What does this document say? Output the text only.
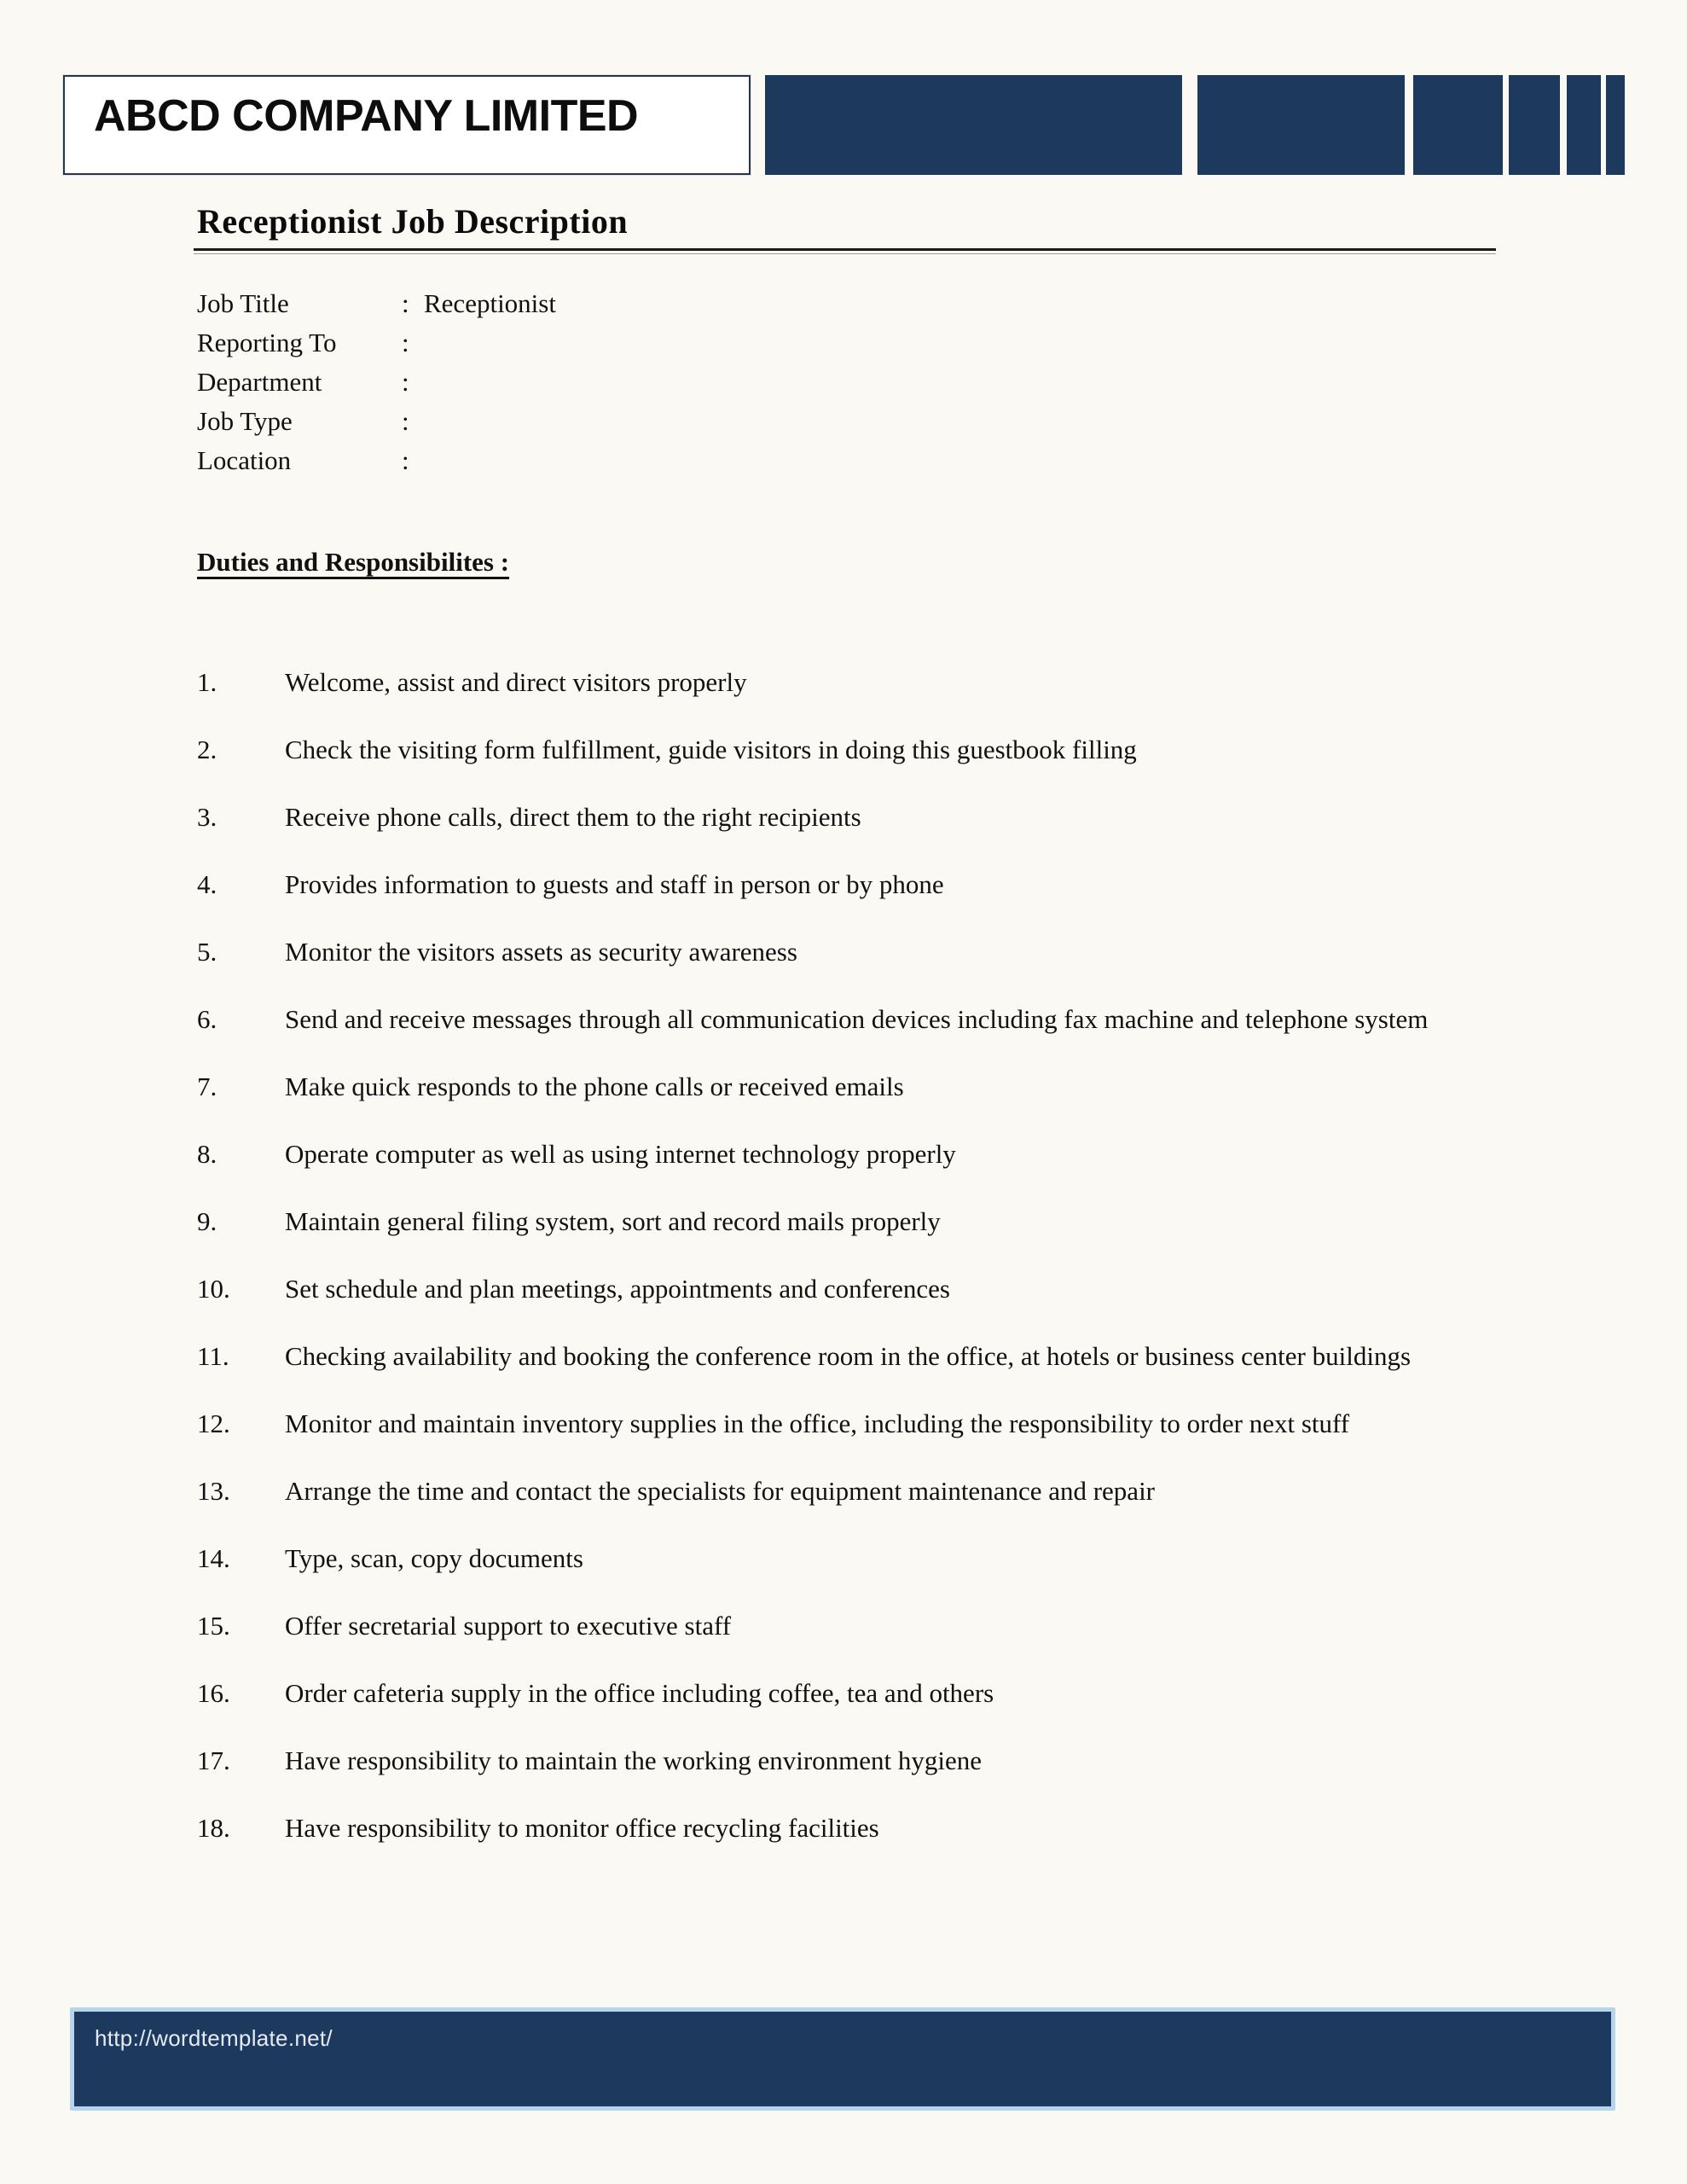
ABCD COMPANY LIMITED
Receptionist Job Description
Job Title	: Receptionist
Reporting To	:
Department	:
Job Type	:
Location	:
Duties and Responsibilites :
1.	Welcome, assist and direct visitors properly
2.	Check the visiting form fulfillment, guide visitors in doing this guestbook filling
3.	Receive phone calls, direct them to the right recipients
4.	Provides information to guests and staff in person or by phone
5.	Monitor the visitors assets as security awareness
6.	Send and receive messages through all communication devices including fax machine and telephone system
7.	Make quick responds to the phone calls or received emails
8.	Operate computer as well as using internet technology properly
9.	Maintain general filing system, sort and record mails properly
10.	Set schedule and plan meetings, appointments and conferences
11.	Checking availability and booking the conference room in the office, at hotels or business center buildings
12.	Monitor and maintain inventory supplies in the office, including the responsibility to order next stuff
13.	Arrange the time and contact the specialists for equipment maintenance and repair
14.	Type, scan, copy documents
15.	Offer secretarial support to executive staff
16.	Order cafeteria supply in the office including coffee, tea and others
17.	Have responsibility to maintain the working environment hygiene
18.	Have responsibility to monitor office recycling facilities
http://wordtemplate.net/
